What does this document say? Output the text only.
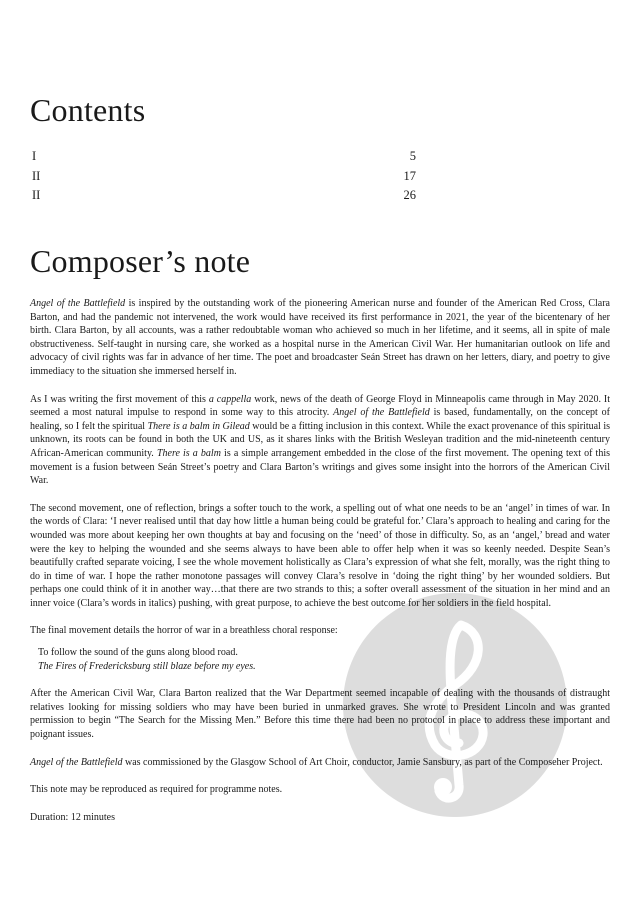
Contents
I	5
II	17
II	26
Composer’s note

Angel of the Battlefield is inspired by the outstanding work of the pioneering American nurse and founder of the American Red Cross, Clara Barton, and had the pandemic not intervened, the work would have received its first performance in 2021, the year of the bicentenary of her birth. Clara Barton, by all accounts, was a rather redoubtable woman who achieved so much in her lifetime, and it seems, all in spite of male obstructiveness. Self-taught in nursing care, she worked as a hospital nurse in the American Civil War. Her humanitarian outlook on life and advocacy of civil rights was far in advance of her time. The poet and broadcaster Seán Street has drawn on her letters, diary, and poetry to give immediacy to the situation she immersed herself in.

As I was writing the first movement of this a cappella work, news of the death of George Floyd in Minneapolis came through in May 2020. It seemed a most natural impulse to respond in some way to this atrocity. Angel of the Battlefield is based, fundamentally, on the concept of healing, so I felt the spiritual There is a balm in Gilead would be a fitting inclusion in this context. While the exact provenance of this spiritual is unknown, its roots can be found in both the UK and US, as it shares links with the British Wesleyan tradition and the mid-nineteenth century African-American community. There is a balm is a simple arrangement embedded in the close of the first movement. The opening text of this movement is a fusion between Seán Street’s poetry and Clara Barton’s writings and gives some insight into the horrors of the American Civil War.

The second movement, one of reflection, brings a softer touch to the work, a spelling out of what one needs to be an ‘angel’ in times of war. In the words of Clara: ‘I never realised until that day how little a human being could be grateful for.’ Clara’s approach to healing and caring for the wounded was more about keeping her own thoughts at bay and focusing on the ‘need’ of those in difficulty. So, as an ‘angel,’ bread and water were the key to helping the wounded and she seems always to have been able to offer help when it was so keenly needed. Despite Sean’s beautifully crafted separate voicing, I see the whole movement holistically as Clara’s expression of what she felt, morally, was the right thing to do in time of war. I hope the rather monotone passages will convey Clara’s resolve in ‘doing the right thing’ by her wounded soldiers. But perhaps one could think of it in another way…that there are two strands to this; a softer overall assessment of the situation in her mind and an inner voice (Clara’s words in italics) pushing, with great purpose, to achieve the best outcome for her soldiers in the field hospital.

The final movement details the horror of war in a breathless choral response:

To follow the sound of the guns along blood road.
The Fires of Fredericksburg still blaze before my eyes.

After the American Civil War, Clara Barton realized that the War Department seemed incapable of dealing with the thousands of distraught relatives looking for missing soldiers who may have been buried in unmarked graves. She wrote to President Lincoln and was granted permission to begin “The Search for the Missing Men.” Before this time there had been no protocol in place to address these important and poignant issues.

Angel of the Battlefield was commissioned by the Glasgow School of Art Choir, conductor, Jamie Sansbury, as part of the Composeher Project.

This note may be reproduced as required for programme notes.

Duration: 12 minutes
